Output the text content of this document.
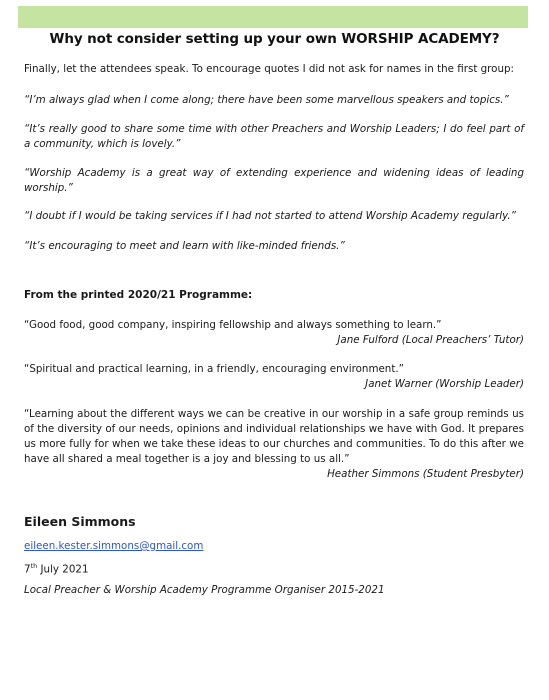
Why not consider setting up your own WORSHIP ACADEMY?

Finally, let the attendees speak. To encourage quotes I did not ask for names in the first group:

“I’m always glad when I come along; there have been some marvellous speakers and topics.”

“It’s really good to share some time with other Preachers and Worship Leaders; I do feel part of a community, which is lovely.”

“Worship Academy is a great way of extending experience and widening ideas of leading worship.”

“I doubt if I would be taking services if I had not started to attend Worship Academy regularly.”

“It’s encouraging to meet and learn with like-minded friends.”

From the printed 2020/21 Programme:

“Good food, good company, inspiring fellowship and always something to learn.”

Jane Fulford (Local Preachers’ Tutor)

“Spiritual and practical learning, in a friendly, encouraging environment.”

Janet Warner (Worship Leader)

“Learning about the different ways we can be creative in our worship in a safe group reminds us of the diversity of our needs, opinions and individual relationships we have with God. It prepares us more fully for when we take these ideas to our churches and communities. To do this after we have all shared a meal together is a joy and blessing to us all.”

Heather Simmons (Student Presbyter)

Eileen Simmons
eileen.kester.simmons@gmail.com
7th July 2021
Local Preacher & Worship Academy Programme Organiser 2015-2021
